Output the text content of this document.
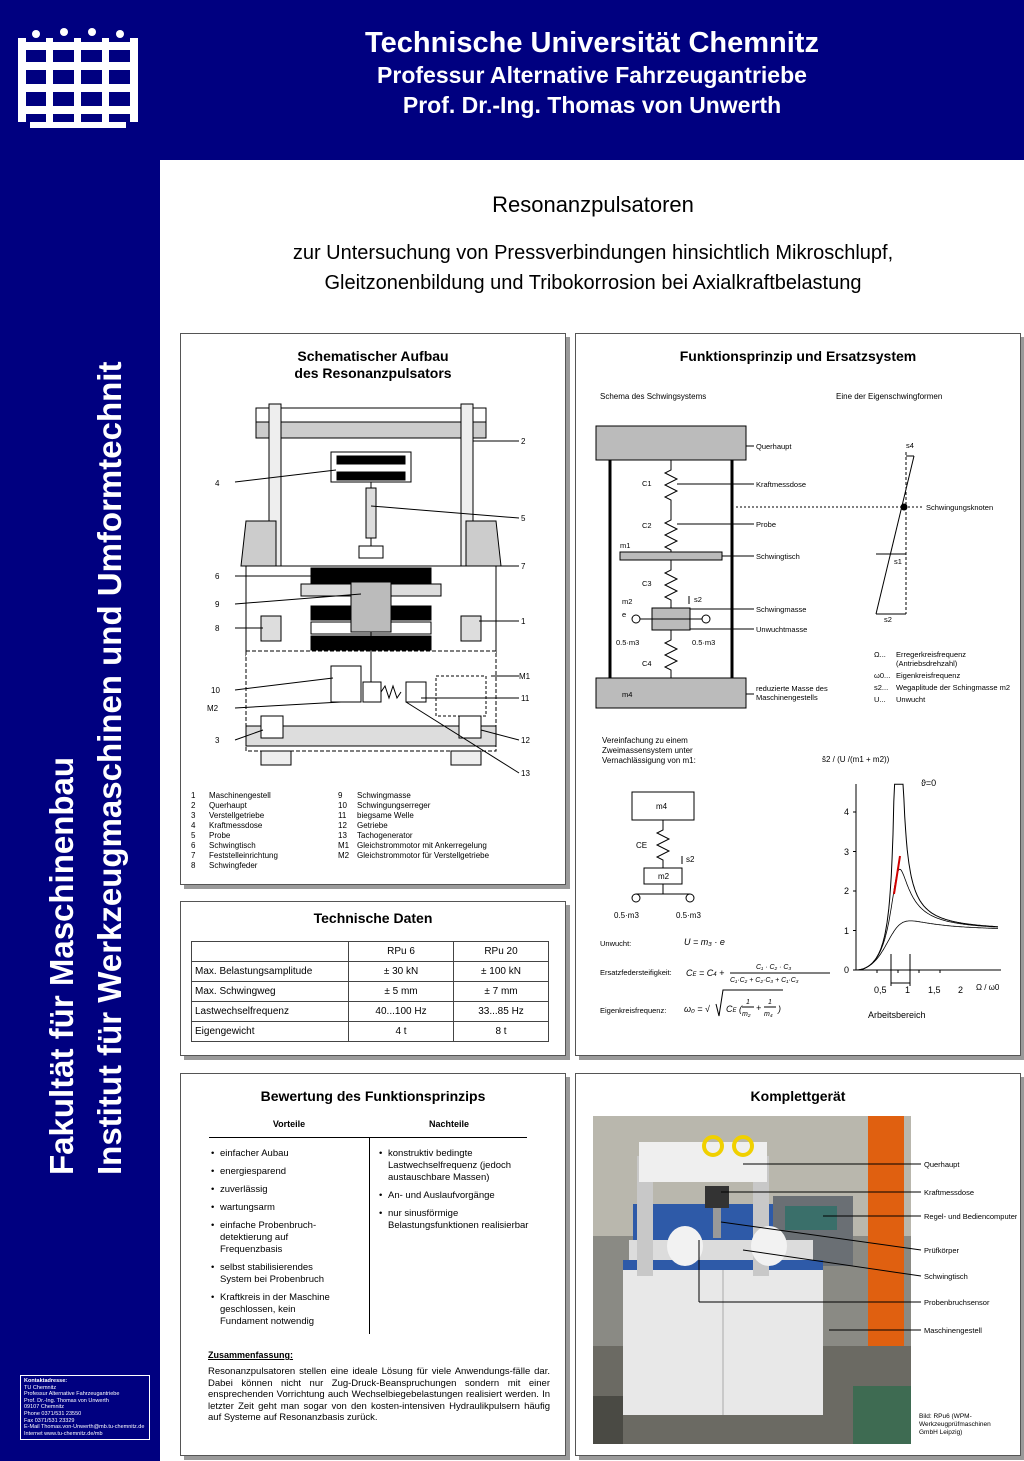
Technische Universität Chemnitz
Professur Alternative Fahrzeugantriebe
Prof. Dr.-Ing. Thomas von Unwerth
Fakultät für Maschinenbau Institut für Werkzeugmaschinen und Umformtechnit
Kontaktadresse:
TU Chemnitz
Professur Alternative Fahrzeugantriebe
Prof. Dr.-Ing. Thomas von Unwerth
09107 Chemnitz
Phone 0371/531 23550
Fax 0371/531 23329
E-Mail Thomas.von-Unwerth@mb.tu-chemnitz.de
Internet www.tu-chemnitz.de/mb
Resonanzpulsatoren
zur Untersuchung von Pressverbindungen hinsichtlich Mikroschlupf,
Gleitzonenbildung und Tribokorrosion bei Axialkraftbelastung
Schematischer Aufbau
des Resonanzpulsators
2
4
5
7
6
9
1
8
M1
10
11
M2
3	12
13
1 Maschinengestell
2 Querhaupt
3 Verstellgetriebe
4 Kraftmessdose
5 Probe
6 Schwingtisch
7 Feststelleinrichtung
8 Schwingfeder
9 Schwingmasse
10 Schwingungserreger
11 biegsame Welle
12 Getriebe
13 Tachogenerator
M1 Gleichstrommotor mit Ankerregelung
M2 Gleichstrommotor für Verstellgetriebe
Technische Daten
	RPu 6	RPu 20
Max. Belastungsamplitude	± 30 kN	± 100 kN
Max. Schwingweg	± 5 mm	± 7 mm
Lastwechselfrequenz	40...100 Hz	33...85 Hz
Eigengewicht	4 t	8 t
Funktionsprinzip und Ersatzsystem
Schema des Schwingsystems	Eine der Eigenschwingformen
Querhaupt
Kraftmessdose
Probe
Schwingtisch
Schwingmasse
Unwuchtmasse
reduzierte Masse des
Maschinengestells
Schwingungsknoten
C1
C2
m1
C3
m2	s2
e
0.5·m3	0.5·m3
C4
m4
s4
s1
s2
Ω...	Erregerkreisfrequenz (Antriebsdrehzahl)
ω0... Eigenkreisfrequenz
s2...	Wegaplitude der Schingmasse m2
U...	Unwucht
Vereinfachung zu einem
Zweimassensystem unter
Vernachlässigung von m1:
m4
CE
m2
s2
0.5·m3	0.5·m3
Unwucht:
Ersatzfedersteifigkeit:
Eigenkreisfrequenz:
U = m₃ · e
CE = C4 +
C₁ · C₂ · C₃
C₁·C₂ + C₂·C₃ + C₁·C₃
ω₀ = √ CE (
1
m₂
+
1
m₄
)
ŝ2 / (U /(m1 + m2))
ϑ=0
Ω / ω0
Arbeitsbereich
0
1
2
3
4
0,5 1 1,5 2
Bewertung des Funktionsprinzips
Vorteile	Nachteile
• einfacher Aubau
• energiesparend
• zuverlässig
• wartungsarm
• einfache Probenbruch-detektierung auf Frequenzbasis
• selbst stabilisierendes System bei Probenbruch
• Kraftkreis in der Maschine geschlossen, kein Fundament notwendig
• konstruktiv bedingte Lastwechselfrequenz (jedoch austauschbare Massen)
• An- und Auslaufvorgänge
• nur sinusförmige Belastungsfunktionen realisierbar
Zusammenfassung:
Resonanzpulsatoren stellen eine ideale Lösung für viele Anwendungs-fälle dar. Dabei können nicht nur Zug-Druck-Beanspruchungen sondern mit einer ensprechenden Vorrichtung auch Wechselbiegebelastungen realisiert werden. In letzter Zeit geht man sogar von den kosten-intensiven Hydraulikpulsern häufig auf Systeme auf Resonanzbasis zurück.
Komplettgerät
Querhaupt
Kraftmessdose
Regel- und Bediencomputer
Prüfkörper
Schwingtisch
Probenbruchsensor
Maschinengestell
Bild: RPu6 (WPM-Werkzeugprüfmaschinen GmbH Leipzig)
